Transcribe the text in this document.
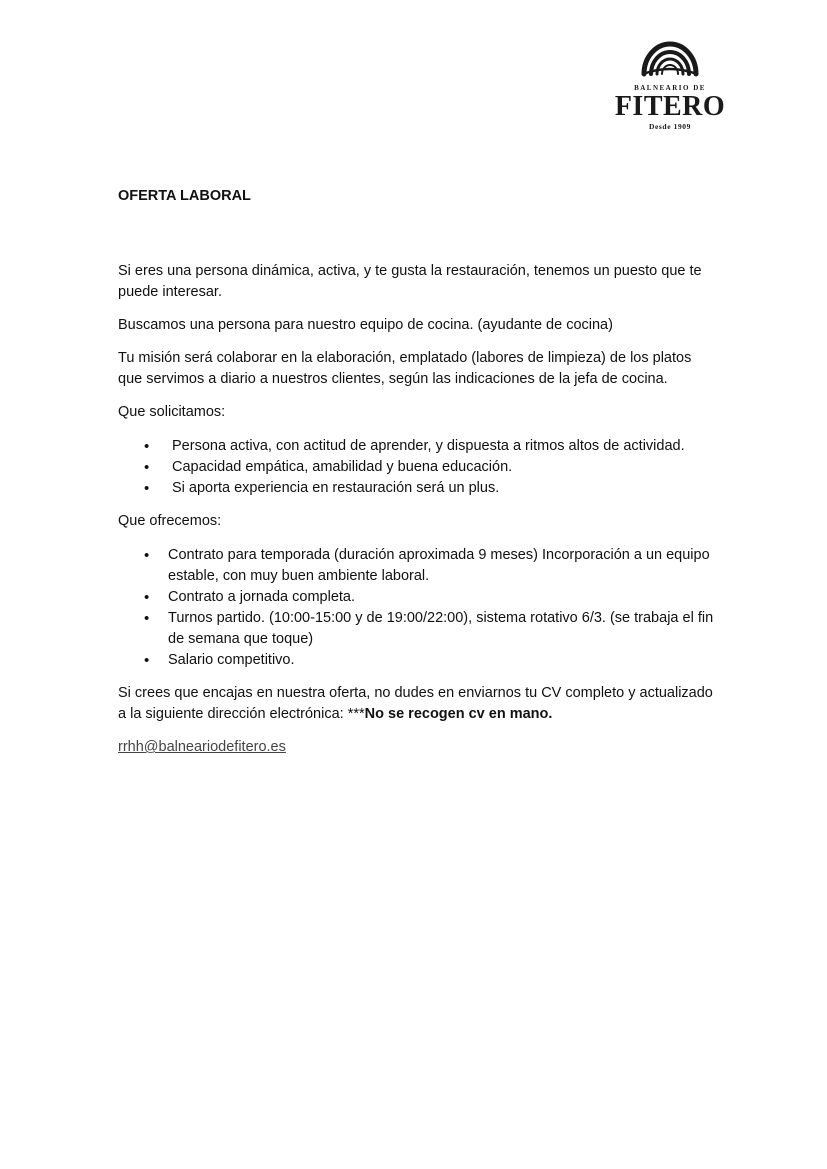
BALNEARIO DE
FITERO
Desde 1909
OFERTA LABORAL

Si eres una persona dinámica, activa, y te gusta la restauración, tenemos un puesto que te puede interesar.

Buscamos una persona para nuestro equipo de cocina. (ayudante de cocina)

Tu misión será colaborar en la elaboración, emplatado (labores de limpieza) de los platos que servimos a diario a nuestros clientes, según las indicaciones de la jefa de cocina.

Que solicitamos:

• Persona activa, con actitud de aprender, y dispuesta a ritmos altos de actividad.
• Capacidad empática, amabilidad y buena educación.
• Si aporta experiencia en restauración será un plus.

Que ofrecemos:

• Contrato para temporada (duración aproximada 9 meses) Incorporación a un equipo estable, con muy buen ambiente laboral.
• Contrato a jornada completa.
• Turnos partido. (10:00-15:00 y de 19:00/22:00), sistema rotativo 6/3. (se trabaja el fin de semana que toque)
• Salario competitivo.

Si crees que encajas en nuestra oferta, no dudes en enviarnos tu CV completo y actualizado a la siguiente dirección electrónica: ***No se recogen cv en mano.

rrhh@balneariodefitero.es
